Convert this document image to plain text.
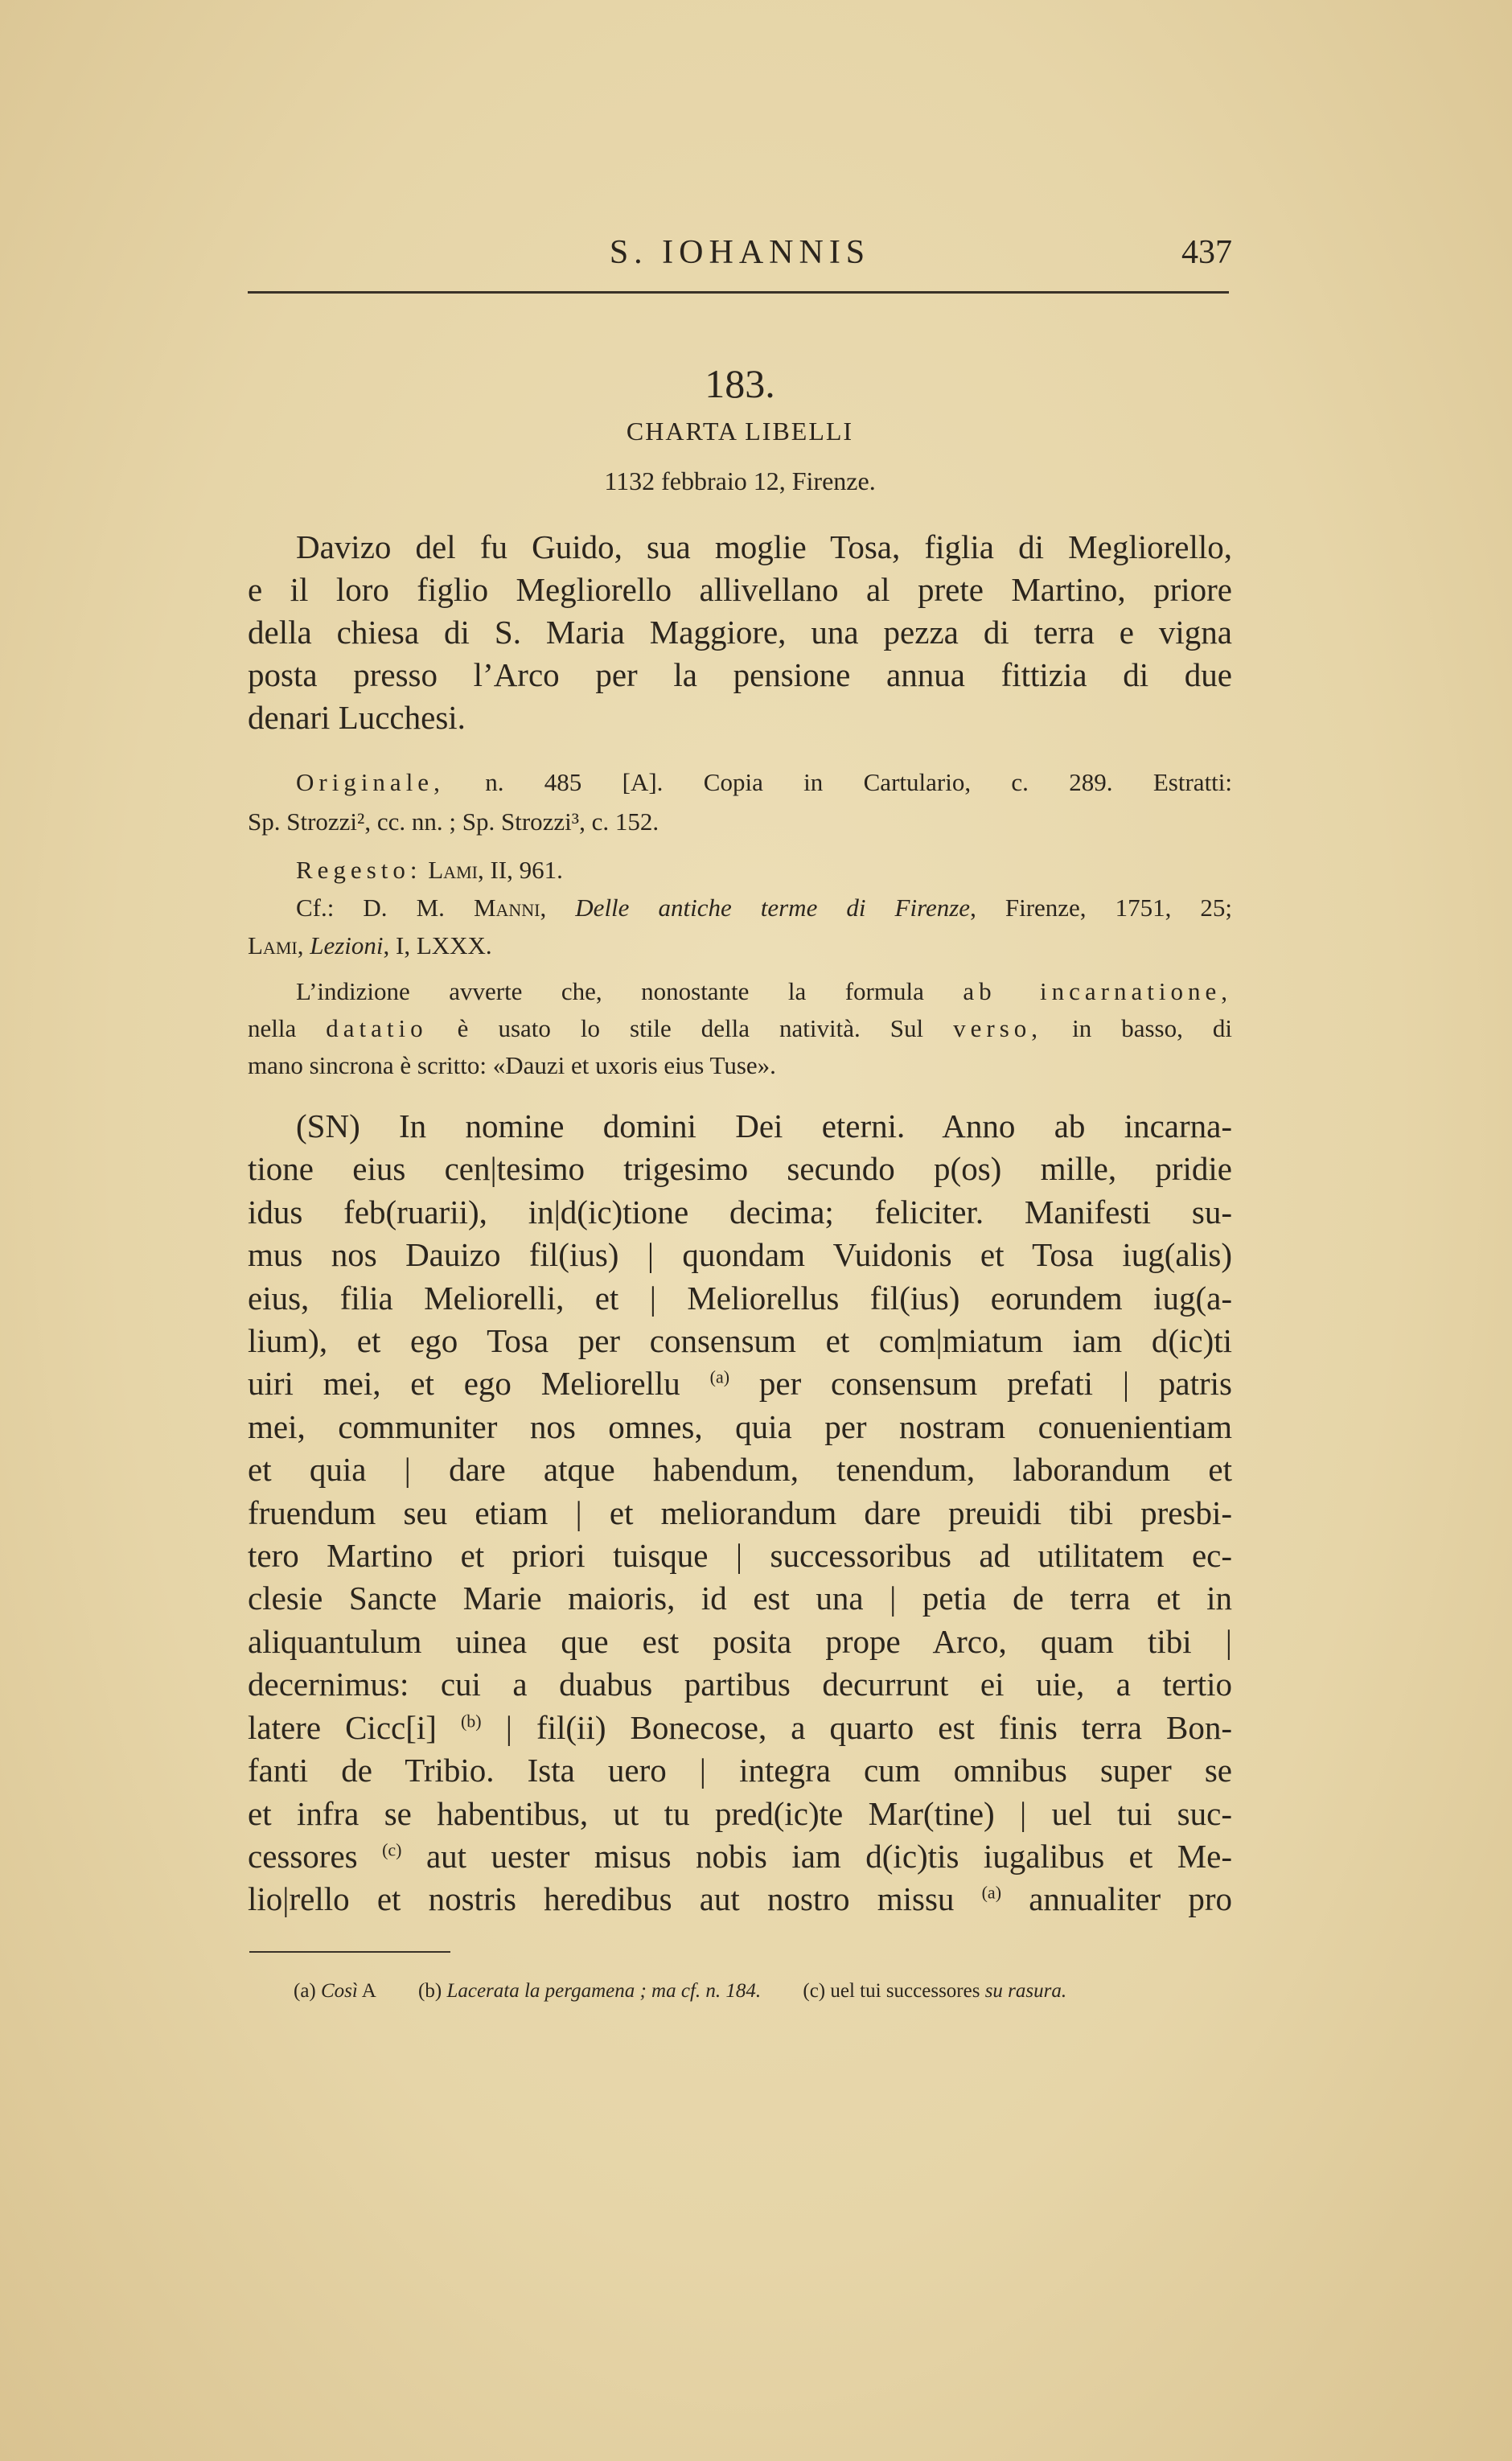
S. IOHANNIS	437
183.
CHARTA LIBELLI
1132 febbraio 12, Firenze.
Davizo del fu Guido, sua moglie Tosa, figlia di Megliorello,
e il loro figlio Megliorello allivellano al prete Martino, priore
della chiesa di S. Maria Maggiore, una pezza di terra e vigna
posta presso l’Arco per la pensione annua fittizia di due
denari Lucchesi.
Originale, n. 485 [A]. Copia in Cartulario, c. 289. Estratti:
Sp. Strozzi², cc. nn. ; Sp. Strozzi³, c. 152.
Regesto: Lami, II, 961.
Cf.: D. M. Manni, Delle antiche terme di Firenze, Firenze, 1751, 25;
Lami, Lezioni, I, LXXX.
L’indizione avverte che, nonostante la formula ab incarnatione,
nella datatio è usato lo stile della natività. Sul verso, in basso, di
mano sincrona è scritto: «Dauzi et uxoris eius Tuse».
(SN) In nomine domini Dei eterni. Anno ab incarna-
tione eius cen|tesimo trigesimo secundo p(os) mille, pridie
idus feb(ruarii), in|d(ic)tione decima; feliciter. Manifesti su-
mus nos Dauizo fil(ius) | quondam Vuidonis et Tosa iug(alis)
eius, filia Meliorelli, et | Meliorellus fil(ius) eorundem iug(a-
lium), et ego Tosa per consensum et com|miatum iam d(ic)ti
uiri mei, et ego Meliorellu $^{(a)}$ per consensum prefati | patris
mei, communiter nos omnes, quia per nostram conuenientiam
et quia | dare atque habendum, tenendum, laborandum et
fruendum seu etiam | et meliorandum dare preuidi tibi presbi-
tero Martino et priori tuisque | successoribus ad utilitatem ec-
clesie Sancte Marie maioris, id est una | petia de terra et in
aliquantulum uinea que est posita prope Arco, quam tibi |
decernimus: cui a duabus partibus decurrunt ei uie, a tertio
latere Cicc[i] $^{(b)}$ | fil(ii) Bonecose, a quarto est finis terra Bon-
fanti de Tribio. Ista uero | integra cum omnibus super se
et infra se habentibus, ut tu pred(ic)te Mar(tine) | uel tui suc-
cessores $^{(c)}$ aut uester misus nobis iam d(ic)tis iugalibus et Me-
lio|rello et nostris heredibus aut nostro missu $^{(a)}$ annualiter pro
(a) Così A (b) Lacerata la pergamena ; ma cf. n. 184. (c) uel tui successores su rasura.
